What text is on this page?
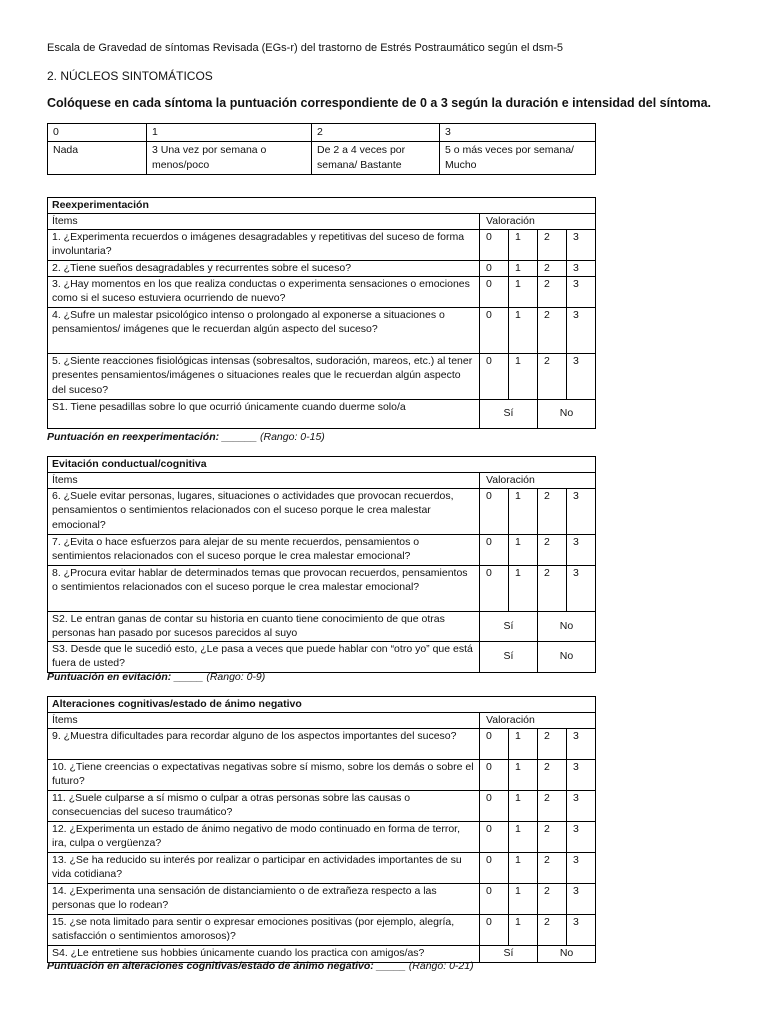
Escala de Gravedad de síntomas Revisada (EGs-r) del trastorno de Estrés Postraumático según el dsm-5
2. NÚCLEOS SINTOMÁTICOS
Colóquese en cada síntoma la puntuación correspondiente de 0 a 3 según la duración e intensidad del síntoma.
0	1	2	3
Nada	3 Una vez por semana o menos/poco	De 2 a 4 veces por semana/ Bastante	5 o más veces por semana/ Mucho
Reexperimentación				
Ítems	Valoración			
1. ¿Experimenta recuerdos o imágenes desagradables y repetitivas del suceso de forma involuntaria?	0	1	2	3
2. ¿Tiene sueños desagradables y recurrentes sobre el suceso?	0	1	2	3
3. ¿Hay momentos en los que realiza conductas o experimenta sensaciones o emociones como si el suceso estuviera ocurriendo de nuevo?	0	1	2	3
4. ¿Sufre un malestar psicológico intenso o prolongado al exponerse a situaciones o pensamientos/ imágenes que le recuerdan algún aspecto del suceso?	0	1	2	3
5. ¿Siente reacciones fisiológicas intensas (sobresaltos, sudoración, mareos, etc.) al tener presentes pensamientos/imágenes o situaciones reales que le recuerdan algún aspecto del suceso?	0	1	2	3
S1. Tiene pesadillas sobre lo que ocurrió únicamente cuando duerme solo/a	Sí		No	
Puntuación en reexperimentación: ______ (Rango: 0-15)
Evitación conductual/cognitiva				
Ítems	Valoración			
6. ¿Suele evitar personas, lugares, situaciones o actividades que provocan recuerdos, pensamientos o sentimientos relacionados con el suceso porque le crea malestar emocional?	0	1	2	3
7. ¿Evita o hace esfuerzos para alejar de su mente recuerdos, pensamientos o sentimientos relacionados con el suceso porque le crea malestar emocional?	0	1	2	3
8. ¿Procura evitar hablar de determinados temas que provocan recuerdos, pensamientos o sentimientos relacionados con el suceso porque le crea malestar emocional?	0	1	2	3
S2. Le entran ganas de contar su historia en cuanto tiene conocimiento de que otras personas han pasado por sucesos parecidos al suyo	Sí		No	
S3. Desde que le sucedió esto, ¿Le pasa a veces que puede hablar con “otro yo” que está fuera de usted?	Sí		No	
Puntuación en evitación: _____ (Rango: 0-9)
Alteraciones cognitivas/estado de ánimo negativo				
Ítems	Valoración			
9. ¿Muestra dificultades para recordar alguno de los aspectos importantes del suceso?	0	1	2	3
10. ¿Tiene creencias o expectativas negativas sobre sí mismo, sobre los demás o sobre el futuro?	0	1	2	3
11. ¿Suele culparse a sí mismo o culpar a otras personas sobre las causas o consecuencias del suceso traumático?	0	1	2	3
12. ¿Experimenta un estado de ánimo negativo de modo continuado en forma de terror, ira, culpa o vergüenza?	0	1	2	3
13. ¿Se ha reducido su interés por realizar o participar en actividades importantes de su vida cotidiana?	0	1	2	3
14. ¿Experimenta una sensación de distanciamiento o de extrañeza respecto a las personas que lo rodean?	0	1	2	3
15. ¿se nota limitado para sentir o expresar emociones positivas (por ejemplo, alegría, satisfacción o sentimientos amorosos)?	0	1	2	3
S4. ¿Le entretiene sus hobbies únicamente cuando los practica con amigos/as?	Sí		No	
Puntuación en alteraciones cognitivas/estado de ánimo negativo: _____ (Rango: 0-21)
